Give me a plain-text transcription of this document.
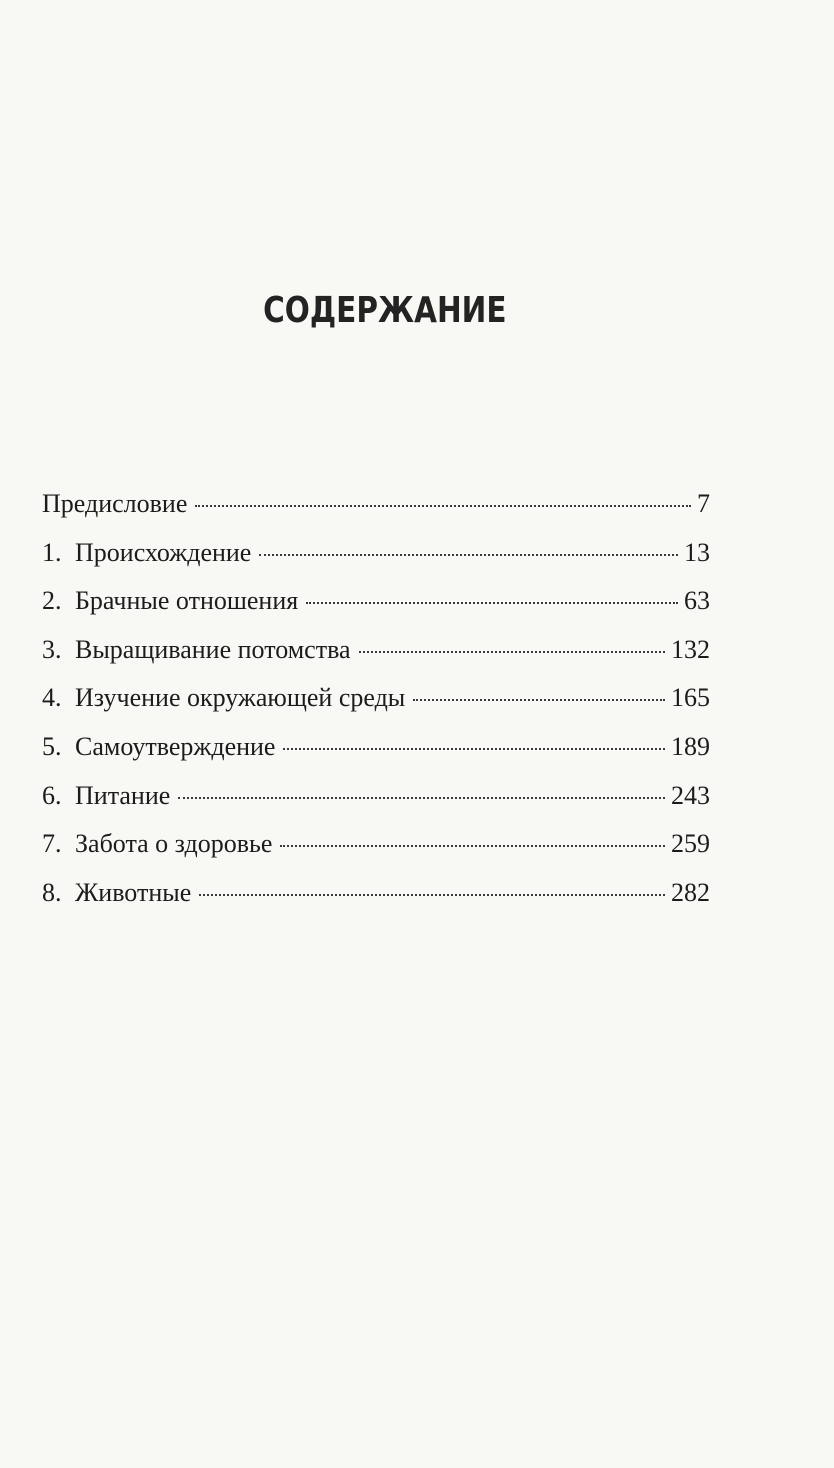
СОДЕРЖАНИЕ
Предисловие	7
1. Происхождение	13
2. Брачные отношения	63
3. Выращивание потомства	132
4. Изучение окружающей среды	165
5. Самоутверждение	189
6. Питание	243
7. Забота о здоровье	259
8. Животные	282
